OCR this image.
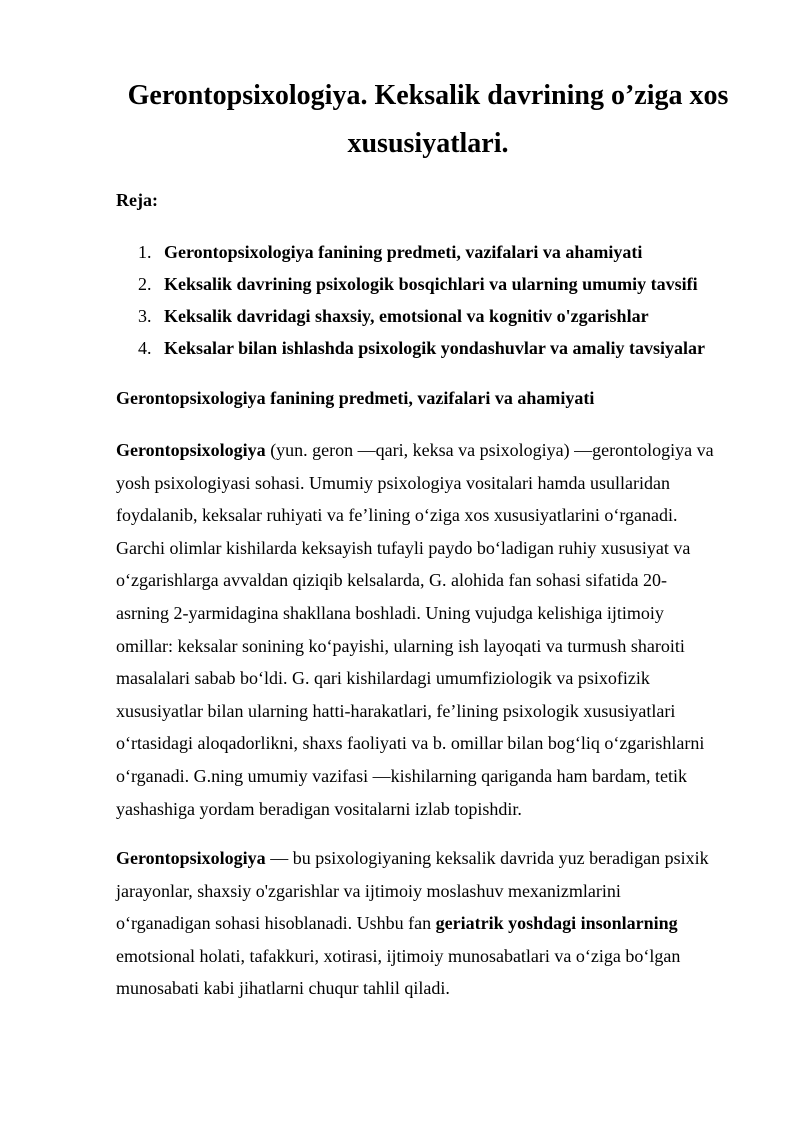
Gerontopsixologiya. Keksalik davrining o’ziga xos
xususiyatlari.

Reja:

1. Gerontopsixologiya fanining predmeti, vazifalari va ahamiyati
2. Keksalik davrining psixologik bosqichlari va ularning umumiy tavsifi
3. Keksalik davridagi shaxsiy, emotsional va kognitiv o'zgarishlar
4. Keksalar bilan ishlashda psixologik yondashuvlar va amaliy tavsiyalar
Gerontopsixologiya fanining predmeti, vazifalari va ahamiyati

Gerontopsixologiya (yun. geron —qari, keksa va psixologiya) —gerontologiya va
yosh psixologiyasi sohasi. Umumiy psixologiya vositalari hamda usullaridan
foydalanib, keksalar ruhiyati va fe’lining o‘ziga xos xususiyatlarini o‘rganadi.
Garchi olimlar kishilarda keksayish tufayli paydo bo‘ladigan ruhiy xususiyat va
o‘zgarishlarga avvaldan qiziqib kelsalarda, G. alohida fan sohasi sifatida 20-
asrning 2-yarmidagina shakllana boshladi. Uning vujudga kelishiga ijtimoiy
omillar: keksalar sonining ko‘payishi, ularning ish layoqati va turmush sharoiti
masalalari sabab bo‘ldi. G. qari kishilardagi umumfiziologik va psixofizik
xususiyatlar bilan ularning hatti-harakatlari, fe’lining psixologik xususiyatlari
o‘rtasidagi aloqadorlikni, shaxs faoliyati va b. omillar bilan bog‘liq o‘zgarishlarni
o‘rganadi. G.ning umumiy vazifasi —kishilarning qariganda ham bardam, tetik
yashashiga yordam beradigan vositalarni izlab topishdir.

Gerontopsixologiya — bu psixologiyaning keksalik davrida yuz beradigan psixik
jarayonlar, shaxsiy o'zgarishlar va ijtimoiy moslashuv mexanizmlarini
o‘rganadigan sohasi hisoblanadi. Ushbu fan geriatrik yoshdagi insonlarning
emotsional holati, tafakkuri, xotirasi, ijtimoiy munosabatlari va o‘ziga bo‘lgan
munosabati kabi jihatlarni chuqur tahlil qiladi.
